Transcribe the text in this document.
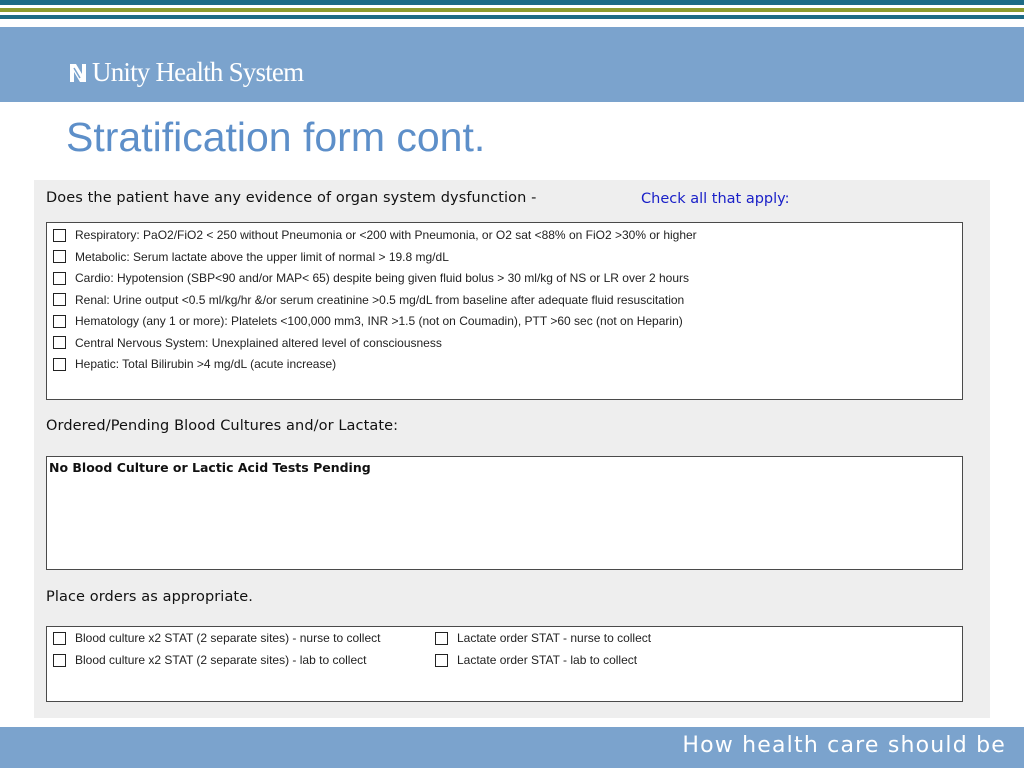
Unity Health System
Stratification form cont.
Does the patient have any evidence of organ system dysfunction -	Check all that apply:
Respiratory: PaO2/FiO2 < 250 without Pneumonia or <200 with Pneumonia, or O2 sat <88% on FiO2 >30% or higher
Metabolic: Serum lactate above the upper limit of normal > 19.8 mg/dL
Cardio: Hypotension (SBP<90 and/or MAP< 65) despite being given fluid bolus > 30 ml/kg of NS or LR over 2 hours
Renal: Urine output <0.5 ml/kg/hr &/or serum creatinine >0.5 mg/dL from baseline after adequate fluid resuscitation
Hematology (any 1 or more): Platelets <100,000 mm3, INR >1.5 (not on Coumadin), PTT >60 sec (not on Heparin)
Central Nervous System: Unexplained altered level of consciousness
Hepatic: Total Bilirubin >4 mg/dL (acute increase)
Ordered/Pending Blood Cultures and/or Lactate:
No Blood Culture or Lactic Acid Tests Pending
Place orders as appropriate.
Blood culture x2 STAT (2 separate sites) - nurse to collect	Lactate order STAT - nurse to collect
Blood culture x2 STAT (2 separate sites) - lab to collect	Lactate order STAT - lab to collect
How health care should be
